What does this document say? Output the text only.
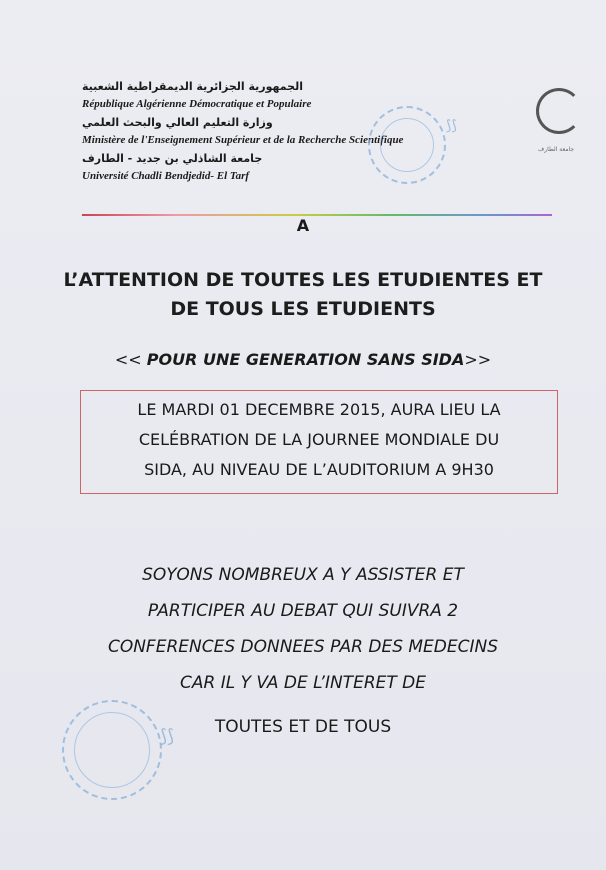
الجمهورية الجزائرية الديمقراطية الشعبية
République Algérienne Démocratique et Populaire
وزارة التعليم العالي والبحث العلمي
Ministère de l'Enseignement Supérieur et de la Recherche Scientifique
جامعة الشاذلي بن جديد - الطارف
Université Chadli Bendjedid- El Tarf
جامعة الطارف
⟆⟆
A
L’ATTENTION DE TOUTES LES ETUDIENTES ET
DE TOUS LES ETUDIENTS
<< POUR UNE GENERATION SANS SIDA>>
LE MARDI 01 DECEMBRE 2015, AURA LIEU LA
CELÉBRATION DE LA JOURNEE MONDIALE DU
SIDA, AU NIVEAU DE L’AUDITORIUM A 9H30
SOYONS NOMBREUX A Y ASSISTER ET
PARTICIPER AU DEBAT QUI SUIVRA 2
CONFERENCES DONNEES PAR DES MEDECINS
CAR IL Y VA DE L’INTERET DE
TOUTES ET DE TOUS
⟆⟆
